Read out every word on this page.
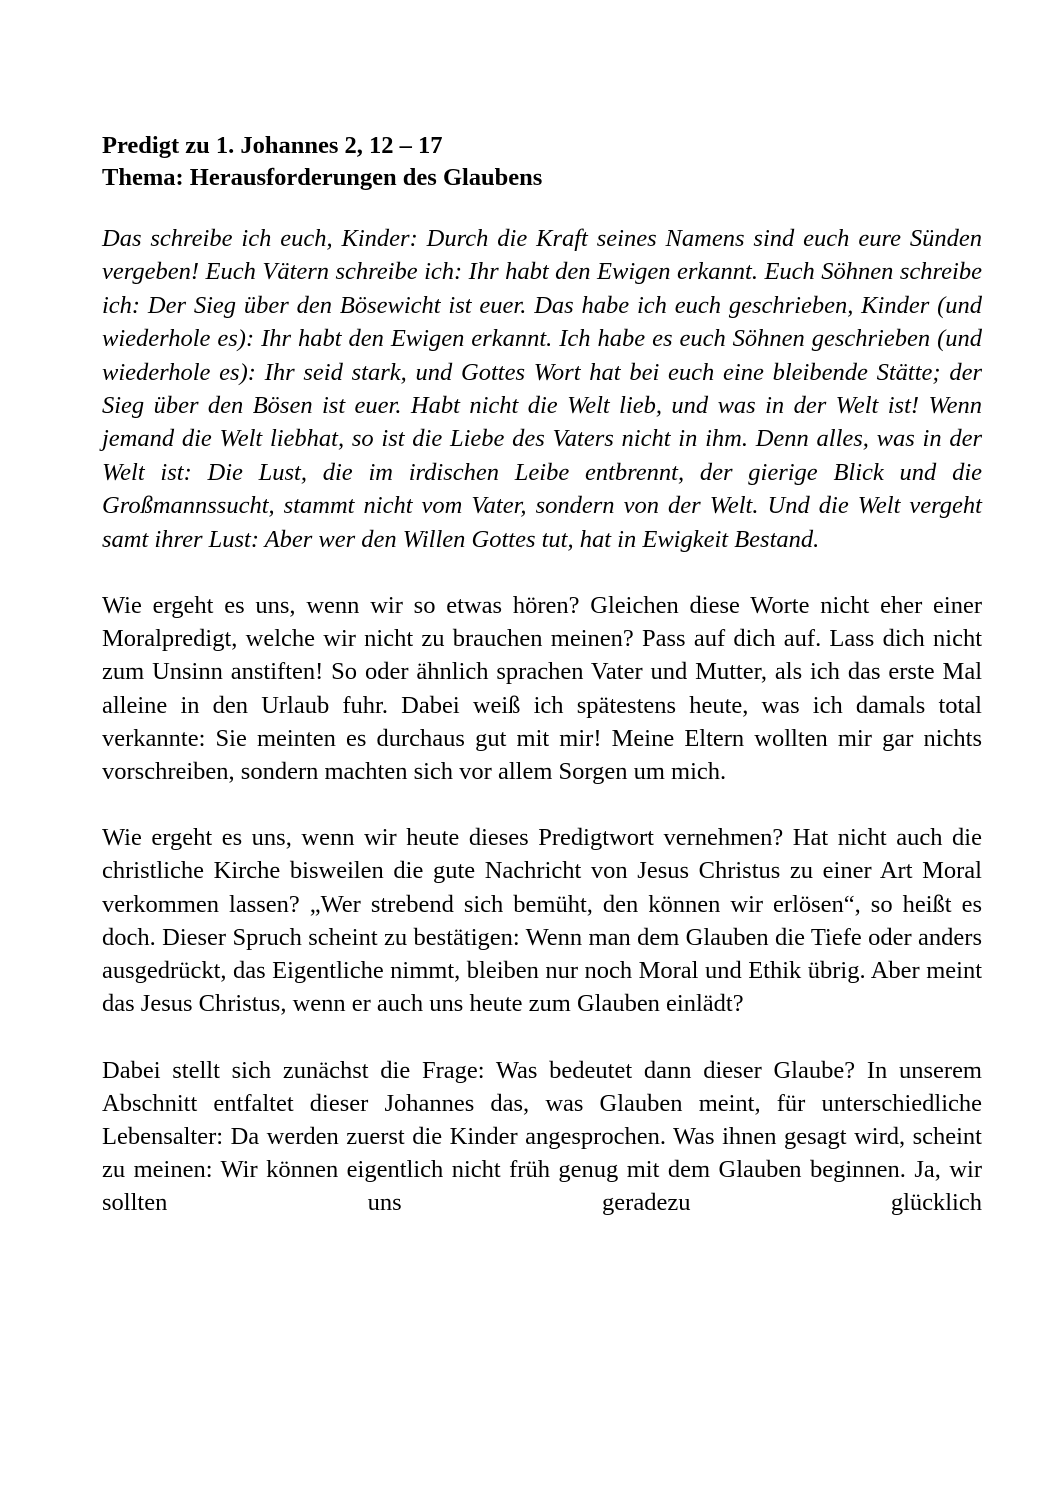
Predigt zu 1. Johannes 2, 12 – 17
Thema: Herausforderungen des Glaubens

Das schreibe ich euch, Kinder: Durch die Kraft seines Namens sind euch eure Sünden vergeben! Euch Vätern schreibe ich: Ihr habt den Ewigen erkannt. Euch Söhnen schreibe ich: Der Sieg über den Bösewicht ist euer. Das habe ich euch geschrieben, Kinder (und wiederhole es): Ihr habt den Ewigen erkannt. Ich habe es euch Söhnen geschrieben (und wiederhole es): Ihr seid stark, und Gottes Wort hat bei euch eine bleibende Stätte; der Sieg über den Bösen ist euer. Habt nicht die Welt lieb, und was in der Welt ist! Wenn jemand die Welt liebhat, so ist die Liebe des Vaters nicht in ihm. Denn alles, was in der Welt ist: Die Lust, die im irdischen Leibe entbrennt, der gierige Blick und die Großmannssucht, stammt nicht vom Vater, sondern von der Welt. Und die Welt vergeht samt ihrer Lust: Aber wer den Willen Gottes tut, hat in Ewigkeit Bestand.

Wie ergeht es uns, wenn wir so etwas hören? Gleichen diese Worte nicht eher einer Moralpredigt, welche wir nicht zu brauchen meinen? Pass auf dich auf. Lass dich nicht zum Unsinn anstiften! So oder ähnlich sprachen Vater und Mutter, als ich das erste Mal alleine in den Urlaub fuhr. Dabei weiß ich spätestens heute, was ich damals total verkannte: Sie meinten es durchaus gut mit mir! Meine Eltern wollten mir gar nichts vorschreiben, sondern machten sich vor allem Sorgen um mich.

Wie ergeht es uns, wenn wir heute dieses Predigtwort vernehmen? Hat nicht auch die christliche Kirche bisweilen die gute Nachricht von Jesus Christus zu einer Art Moral verkommen lassen? „Wer strebend sich bemüht, den können wir erlösen“, so heißt es doch. Dieser Spruch scheint zu bestätigen: Wenn man dem Glauben die Tiefe oder anders ausgedrückt, das Eigentliche nimmt, bleiben nur noch Moral und Ethik übrig. Aber meint das Jesus Christus, wenn er auch uns heute zum Glauben einlädt?

Dabei stellt sich zunächst die Frage: Was bedeutet dann dieser Glaube? In unserem Abschnitt entfaltet dieser Johannes das, was Glauben meint, für unterschiedliche Lebensalter: Da werden zuerst die Kinder angesprochen. Was ihnen gesagt wird, scheint zu meinen: Wir können eigentlich nicht früh genug mit dem Glauben beginnen. Ja, wir sollten uns geradezu glücklich
